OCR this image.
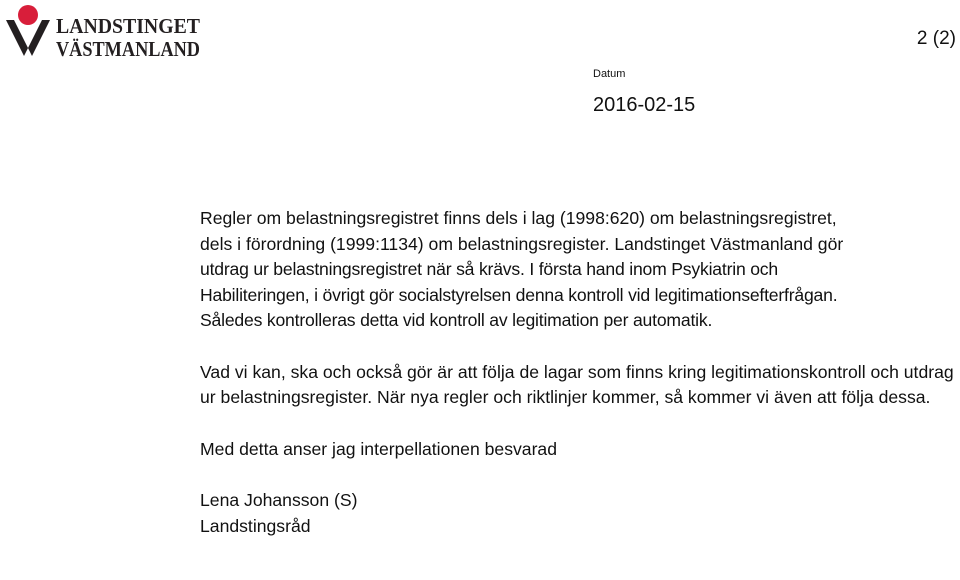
LANDSTINGET
VÄSTMANLAND	2 (2)

Datum

2016-02-15

Regler om belastningsregistret finns dels i lag (1998:620) om belastningsregistret,
dels i förordning (1999:1134) om belastningsregister. Landstinget Västmanland gör
utdrag ur belastningsregistret när så krävs. I första hand inom Psykiatrin och
Habiliteringen, i övrigt gör socialstyrelsen denna kontroll vid legitimationsefterfrågan.
Således kontrolleras detta vid kontroll av legitimation per automatik.

Vad vi kan, ska och också gör är att följa de lagar som finns kring legitimationskontroll och utdrag ur belastningsregister. När nya regler och riktlinjer kommer, så kommer vi även att följa dessa.

Med detta anser jag interpellationen besvarad

Lena Johansson (S)
Landstingsråd
